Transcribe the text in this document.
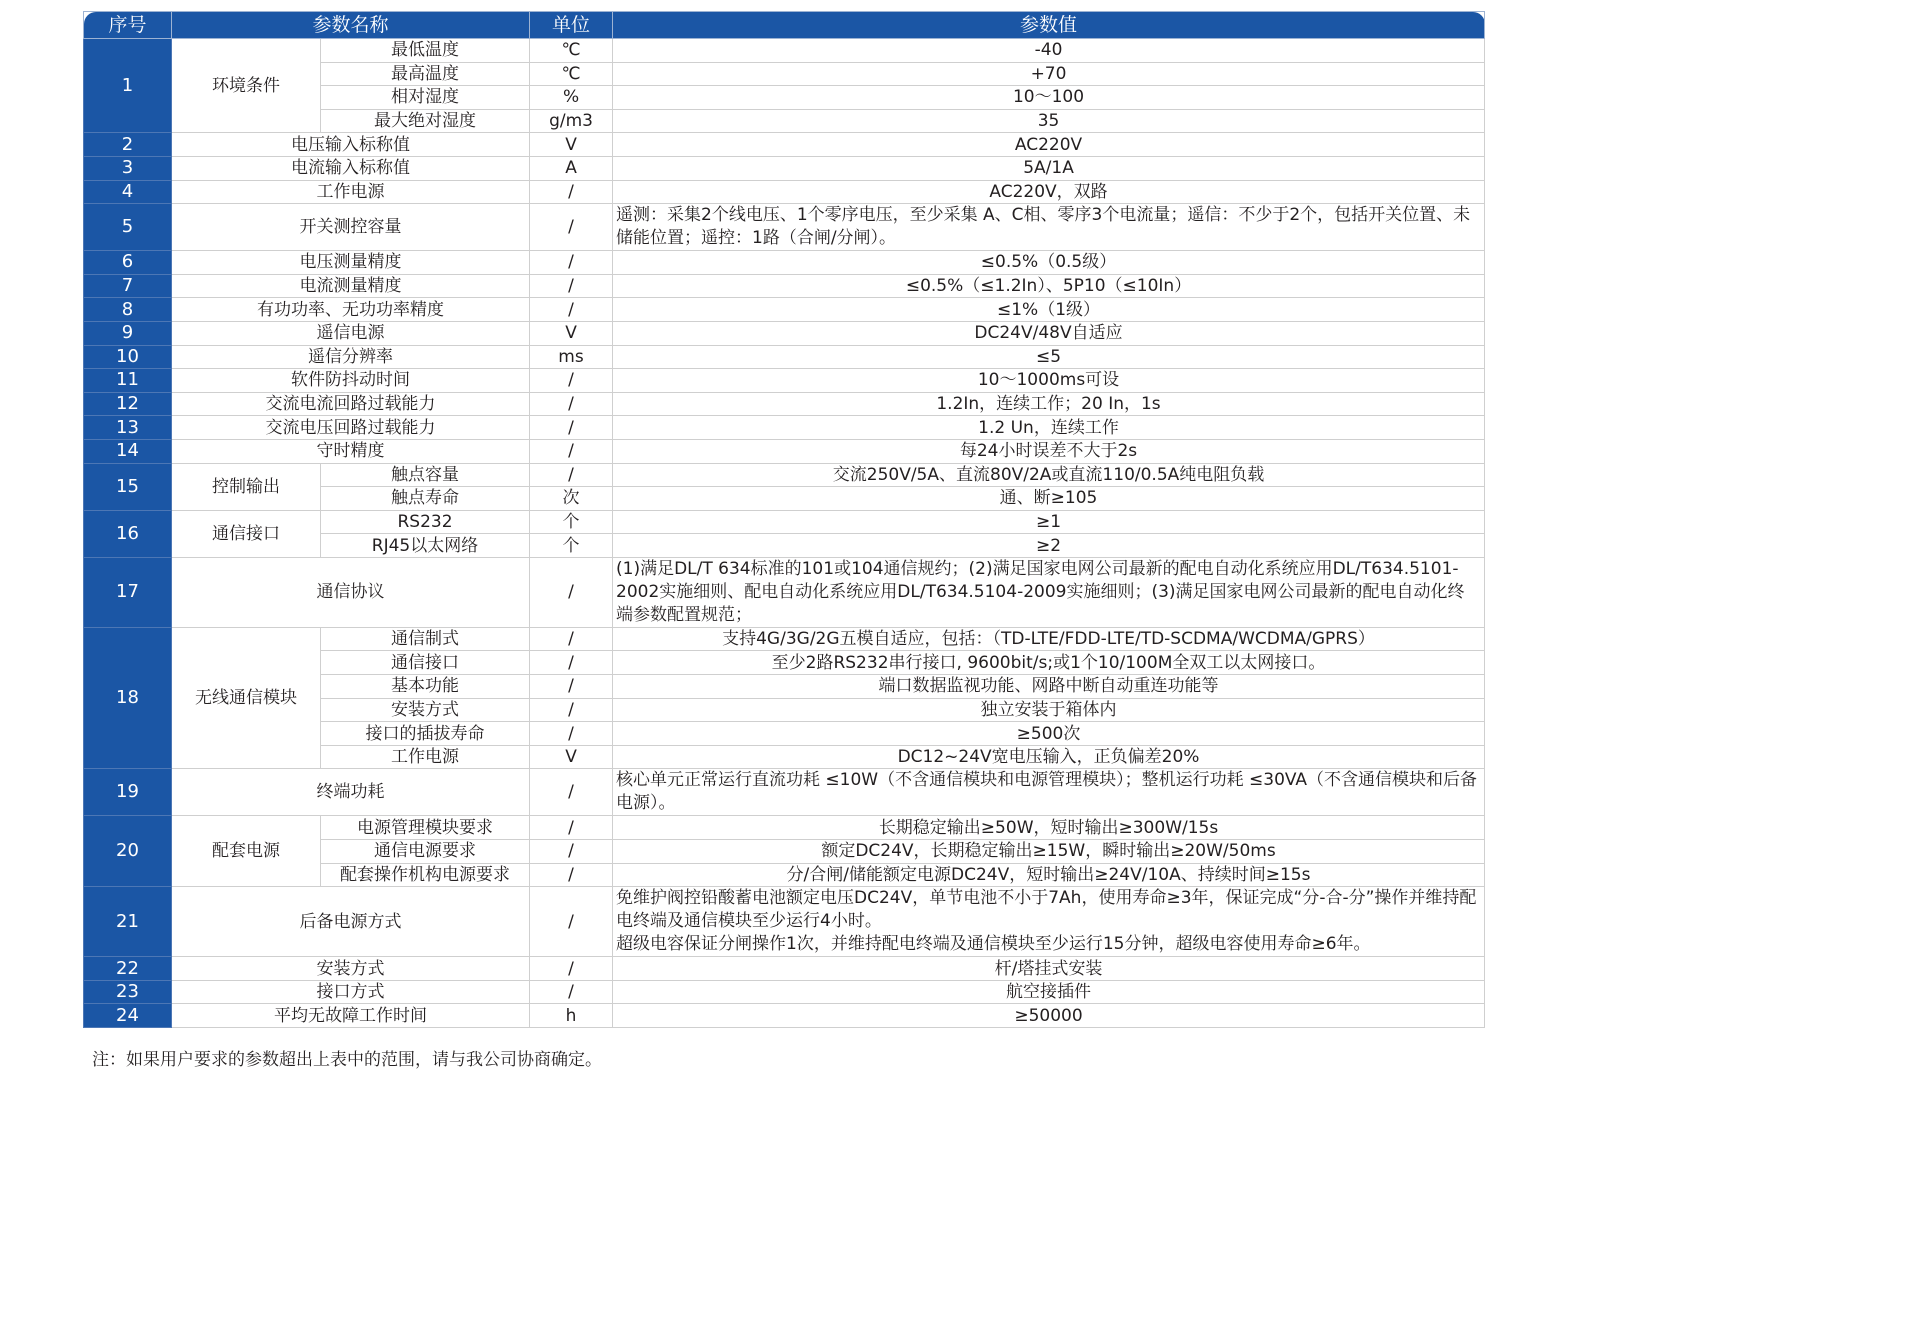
序号	参数名称		单位	参数值
1	环境条件	最低温度	℃	-40
		最高温度	℃	+70
		相对湿度	%	10～100
		最大绝对湿度	g/m3	35
2	电压输入标称值		V	AC220V
3	电流输入标称值		A	5A/1A
4	工作电源		/	AC220V，双路
5	开关测控容量		/	遥测：采集2个线电压、1个零序电压，至少采集 A、C相、零序3个电流量；遥信：不少于2个，包括开关位置、未储能位置；遥控：1路（合闸/分闸）。
6	电压测量精度		/	≤0.5%（0.5级）
7	电流测量精度		/	≤0.5%（≤1.2In）、5P10（≤10In）
8	有功功率、无功功率精度		/	≤1%（1级）
9	遥信电源		V	DC24V/48V自适应
10	遥信分辨率		ms	≤5
11	软件防抖动时间		/	10～1000ms可设
12	交流电流回路过载能力		/	1.2In，连续工作；20 In，1s
13	交流电压回路过载能力		/	1.2 Un，连续工作
14	守时精度		/	每24小时误差不大于2s
15	控制输出	触点容量	/	交流250V/5A、直流80V/2A或直流110/0.5A纯电阻负载
		触点寿命	次	通、断≥105
16	通信接口	RS232	个	≥1
		RJ45以太网络	个	≥2
17	通信协议		/	(1)满足DL/T 634标准的101或104通信规约；(2)满足国家电网公司最新的配电自动化系统应用DL/T634.5101-2002实施细则、配电自动化系统应用DL/T634.5104-2009实施细则；(3)满足国家电网公司最新的配电自动化终端参数配置规范；
18	无线通信模块	通信制式	/	支持4G/3G/2G五模自适应，包括：（TD-LTE/FDD-LTE/TD-SCDMA/WCDMA/GPRS）
		通信接口	/	至少2路RS232串行接口, 9600bit/s;或1个10/100M全双工以太网接口。
		基本功能	/	端口数据监视功能、网路中断自动重连功能等
		安装方式	/	独立安装于箱体内
		接口的插拔寿命	/	≥500次
		工作电源	V	DC12~24V宽电压输入，正负偏差20%
19	终端功耗		/	核心单元正常运行直流功耗 ≤10W（不含通信模块和电源管理模块）；整机运行功耗 ≤30VA（不含通信模块和后备电源）。
20	配套电源	电源管理模块要求	/	长期稳定输出≥50W，短时输出≥300W/15s
		通信电源要求	/	额定DC24V，长期稳定输出≥15W，瞬时输出≥20W/50ms
		配套操作机构电源要求	/	分/合闸/储能额定电源DC24V，短时输出≥24V/10A、持续时间≥15s
21	后备电源方式		/	免维护阀控铅酸蓄电池额定电压DC24V，单节电池不小于7Ah，使用寿命≥3年，保证完成“分-合-分”操作并维持配电终端及通信模块至少运行4小时。
超级电容保证分闸操作1次，并维持配电终端及通信模块至少运行15分钟，超级电容使用寿命≥6年。

22	安装方式		/	杆/塔挂式安装
23	接口方式		/	航空接插件
24	平均无故障工作时间		h	≥50000
注：如果用户要求的参数超出上表中的范围，请与我公司协商确定。
